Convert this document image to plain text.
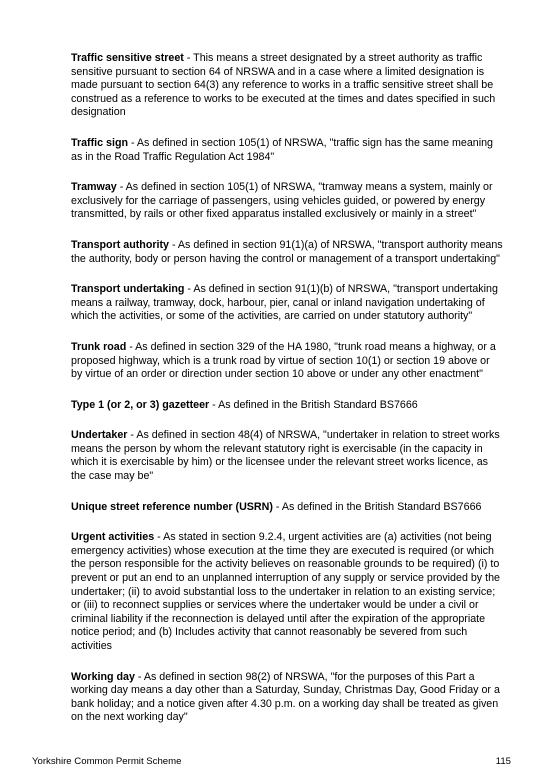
Traffic sensitive street - This means a street designated by a street authority as traffic sensitive pursuant to section 64 of NRSWA and in a case where a limited designation is made pursuant to section 64(3) any reference to works in a traffic sensitive street shall be construed as a reference to works to be executed at the times and dates specified in such designation

Traffic sign - As defined in section 105(1) of NRSWA, "traffic sign has the same meaning as in the Road Traffic Regulation Act 1984"

Tramway - As defined in section 105(1) of NRSWA, "tramway means a system, mainly or exclusively for the carriage of passengers, using vehicles guided, or powered by energy transmitted, by rails or other fixed apparatus installed exclusively or mainly in a street"

Transport authority - As defined in section 91(1)(a) of NRSWA, "transport authority means the authority, body or person having the control or management of a transport undertaking"

Transport undertaking - As defined in section 91(1)(b) of NRSWA, "transport undertaking means a railway, tramway, dock, harbour, pier, canal or inland navigation undertaking of which the activities, or some of the activities, are carried on under statutory authority"

Trunk road - As defined in section 329 of the HA 1980, "trunk road means a highway, or a proposed highway, which is a trunk road by virtue of section 10(1) or section 19 above or by virtue of an order or direction under section 10 above or under any other enactment"

Type 1 (or 2, or 3) gazetteer - As defined in the British Standard BS7666

Undertaker - As defined in section 48(4) of NRSWA, "undertaker in relation to street works means the person by whom the relevant statutory right is exercisable (in the capacity in which it is exercisable by him) or the licensee under the relevant street works licence, as the case may be"

Unique street reference number (USRN) - As defined in the British Standard BS7666

Urgent activities - As stated in section 9.2.4, urgent activities are (a) activities (not being emergency activities) whose execution at the time they are executed is required (or which the person responsible for the activity believes on reasonable grounds to be required) (i) to prevent or put an end to an unplanned interruption of any supply or service provided by the undertaker; (ii) to avoid substantial loss to the undertaker in relation to an existing service; or (iii) to reconnect supplies or services where the undertaker would be under a civil or criminal liability if the reconnection is delayed until after the expiration of the appropriate notice period; and (b) Includes activity that cannot reasonably be severed from such activities

Working day - As defined in section 98(2) of NRSWA, "for the purposes of this Part a working day means a day other than a Saturday, Sunday, Christmas Day, Good Friday or a bank holiday; and a notice given after 4.30 p.m. on a working day shall be treated as given on the next working day"

Yorkshire Common Permit Scheme	115
